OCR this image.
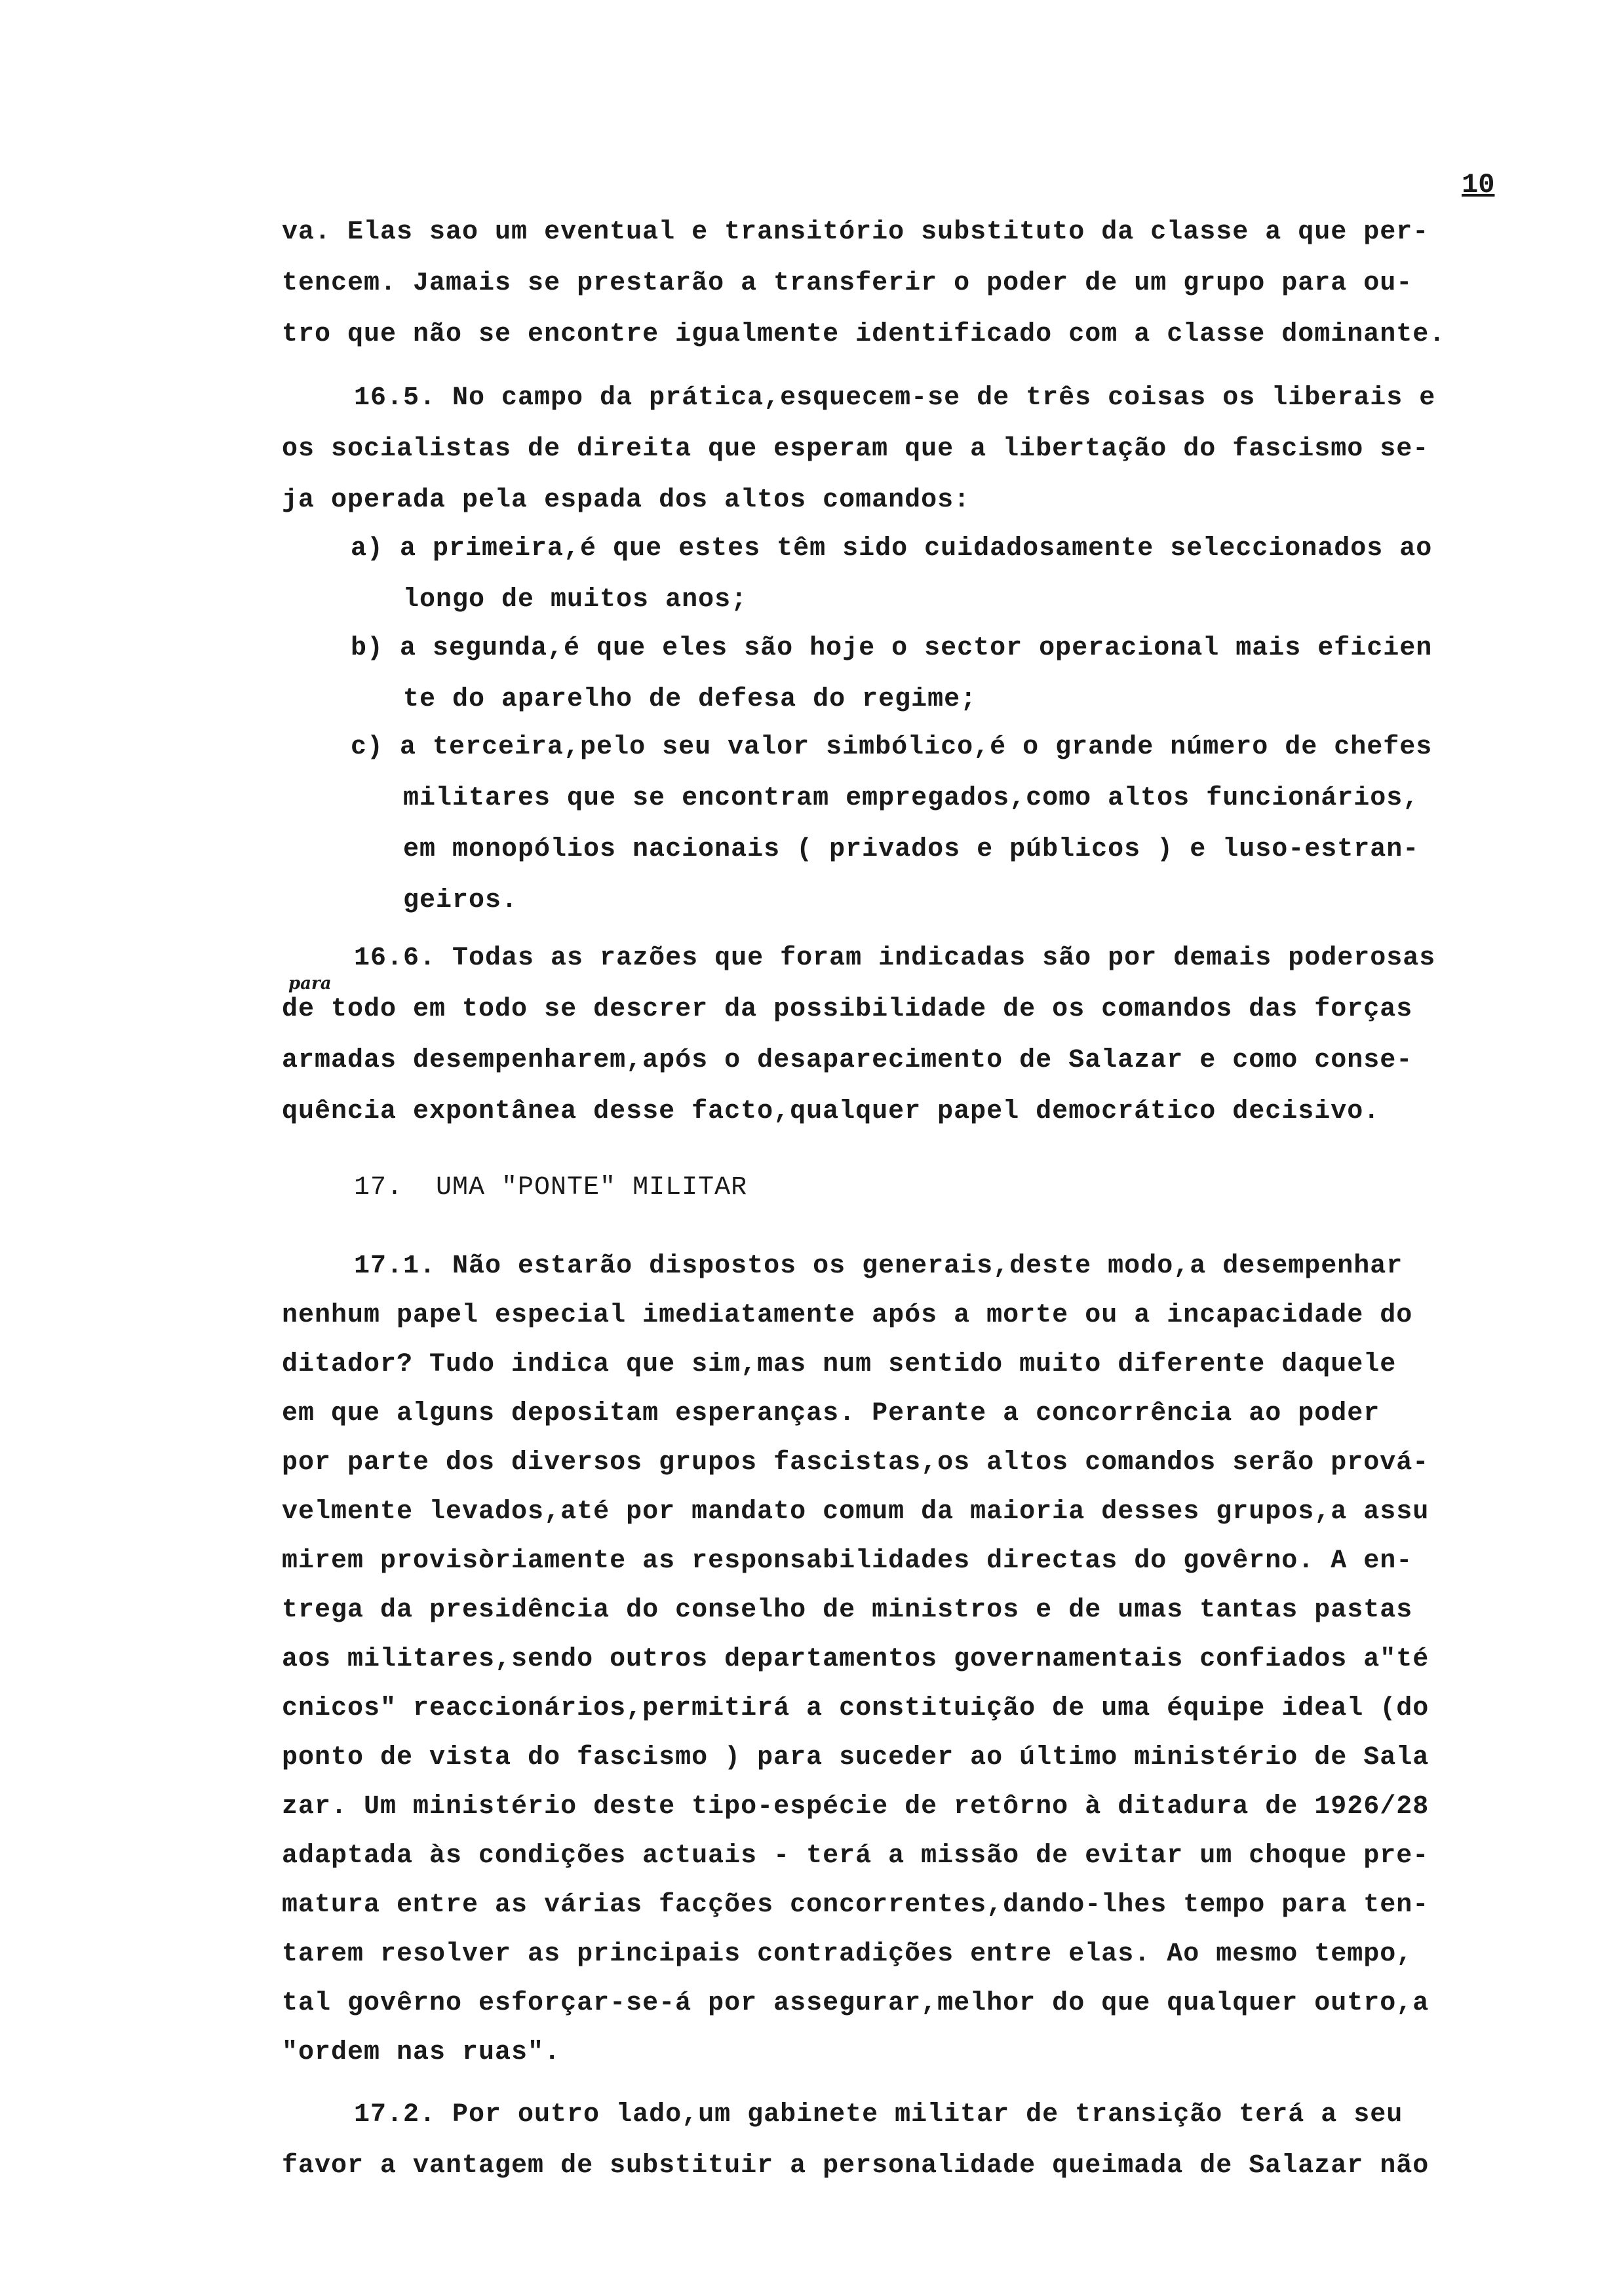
10
va. Elas sao um eventual e transitório substituto da classe a que per-
tencem. Jamais se prestarão a transferir o poder de um grupo para ou-
tro que não se encontre igualmente identificado com a classe dominante.
16.5. No campo da prática,esquecem-se de três coisas os liberais e
os socialistas de direita que esperam que a libertação do fascismo se-
ja operada pela espada dos altos comandos:
a) a primeira,é que estes têm sido cuidadosamente seleccionados ao
longo de muitos anos;
b) a segunda,é que eles são hoje o sector operacional mais eficien
te do aparelho de defesa do regime;
c) a terceira,pelo seu valor simbólico,é o grande número de chefes
militares que se encontram empregados,como altos funcionários,
em monopólios nacionais ( privados e públicos ) e luso-estran-
geiros.
para
16.6. Todas as razões que foram indicadas são por demais poderosas
de todo em todo se descrer da possibilidade de os comandos das forças
armadas desempenharem,após o desaparecimento de Salazar e como conse-
quência expontânea desse facto,qualquer papel democrático decisivo.
17.  UMA "PONTE" MILITAR
17.1. Não estarão dispostos os generais,deste modo,a desempenhar
nenhum papel especial imediatamente após a morte ou a incapacidade do
ditador? Tudo indica que sim,mas num sentido muito diferente daquele
em que alguns depositam esperanças. Perante a concorrência ao poder
por parte dos diversos grupos fascistas,os altos comandos serão prová-
velmente levados,até por mandato comum da maioria desses grupos,a assu
mirem provisòriamente as responsabilidades directas do govêrno. A en-
trega da presidência do conselho de ministros e de umas tantas pastas
aos militares,sendo outros departamentos governamentais confiados a"té
cnicos" reaccionários,permitirá a constituição de uma équipe ideal (do
ponto de vista do fascismo ) para suceder ao último ministério de Sala
zar. Um ministério deste tipo-espécie de retôrno à ditadura de 1926/28
adaptada às condições actuais - terá a missão de evitar um choque pre-
matura entre as várias facções concorrentes,dando-lhes tempo para ten-
tarem resolver as principais contradições entre elas. Ao mesmo tempo,
tal govêrno esforçar-se-á por assegurar,melhor do que qualquer outro,a
"ordem nas ruas".
17.2. Por outro lado,um gabinete militar de transição terá a seu
favor a vantagem de substituir a personalidade queimada de Salazar não
